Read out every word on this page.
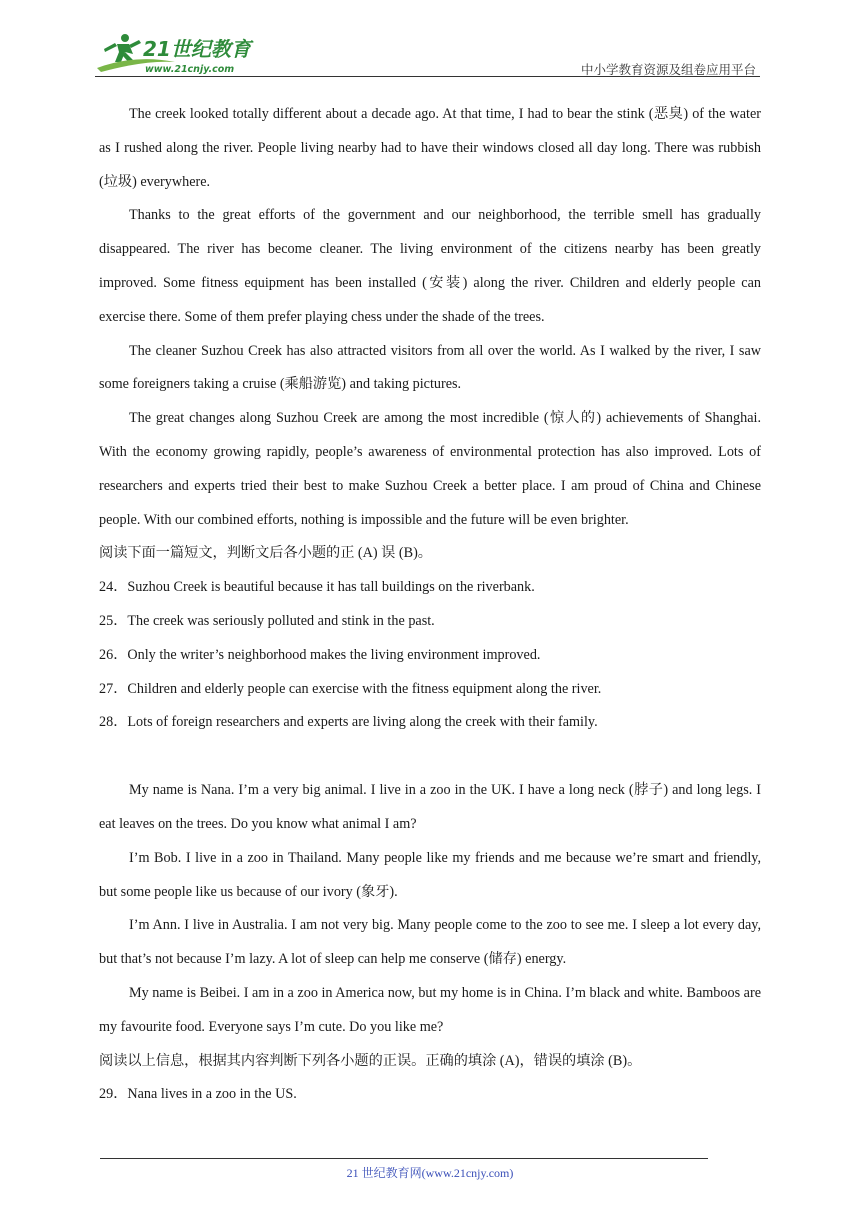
21世纪教育
www.21cnjy.com	中小学教育资源及组卷应用平台

The creek looked totally different about a decade ago. At that time, I had to bear the stink (恶臭) of the water as I rushed along the river. People living nearby had to have their windows closed all day long. There was rubbish (垃圾) everywhere.

Thanks to the great efforts of the government and our neighborhood, the terrible smell has gradually disappeared. The river has become cleaner. The living environment of the citizens nearby has been greatly improved. Some fitness equipment has been installed (安装) along the river. Children and elderly people can exercise there. Some of them prefer playing chess under the shade of the trees.

The cleaner Suzhou Creek has also attracted visitors from all over the world. As I walked by the river, I saw some foreigners taking a cruise (乘船游览) and taking pictures.

The great changes along Suzhou Creek are among the most incredible (惊人的) achievements of Shanghai. With the economy growing rapidly, people’s awareness of environmental protection has also improved. Lots of researchers and experts tried their best to make Suzhou Creek a better place. I am proud of China and Chinese people. With our combined efforts, nothing is impossible and the future will be even brighter.

阅读下面一篇短文，判断文后各小题的正 (A) 误 (B)。

24．Suzhou Creek is beautiful because it has tall buildings on the riverbank.

25．The creek was seriously polluted and stink in the past.

26．Only the writer’s neighborhood makes the living environment improved.

27．Children and elderly people can exercise with the fitness equipment along the river.

28．Lots of foreign researchers and experts are living along the creek with their family.

My name is Nana. I’m a very big animal. I live in a zoo in the UK. I have a long neck (脖子) and long legs. I eat leaves on the trees. Do you know what animal I am?

I’m Bob. I live in a zoo in Thailand. Many people like my friends and me because we’re smart and friendly, but some people like us because of our ivory (象牙).

I’m Ann. I live in Australia. I am not very big. Many people come to the zoo to see me. I sleep a lot every day, but that’s not because I’m lazy. A lot of sleep can help me conserve (储存) energy.

My name is Beibei. I am in a zoo in America now, but my home is in China. I’m black and white. Bamboos are my favourite food. Everyone says I’m cute. Do you like me?

阅读以上信息，根据其内容判断下列各小题的正误。正确的填涂 (A)，错误的填涂 (B)。

29．Nana lives in a zoo in the US.

21 世纪教育网(www.21cnjy.com)
